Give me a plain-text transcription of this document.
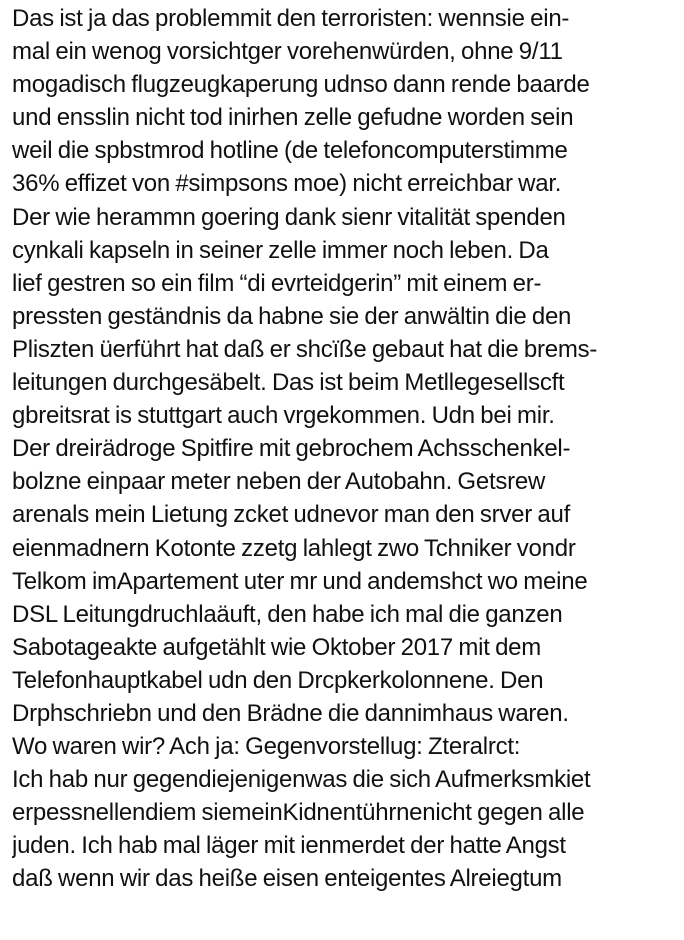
Das ist ja das problemmit den terroristen: wennsie ein-
mal ein wenog vorsichtger vorehenwürden, ohne 9/11
mogadisch flugzeugkaperung udnso dann rende baarde
und ensslin nicht tod inirhen zelle gefudne worden sein
weil die spbstmrod hotline (de telefoncomputerstimme
36% effizet von #simpsons moe) nicht erreichbar war.
Der wie herammn goering dank sienr vitalität spenden
cynkali kapseln in seiner zelle immer noch leben. Da
lief gestren so ein film “di evrteidgerin” mit einem er-
pressten geständnis da habne sie der anwältin die den
Pliszten üerführt hat daß er shcïße gebaut hat die brems-
leitungen durchgesäbelt. Das ist beim Metllegesellscft
gbreitsrat is stuttgart auch vrgekommen. Udn bei mir.
Der dreirädroge Spitfire mit gebrochem Achsschenkel-
bolzne einpaar meter neben der Autobahn. Getsrew
arenals mein Lietung zcket udnevor man den srver auf
eienmadnern Kotonte zzetg lahlegt zwo Tchniker vondr
Telkom imApartement uter mr und andemshct wo meine
DSL Leitungdruchlaäuft, den habe ich mal die ganzen
Sabotageakte aufgetählt wie Oktober 2017 mit dem
Telefonhauptkabel udn den Drcpkerkolonnene. Den
Drphschriebn und den Brädne die dannimhaus waren.
Wo waren wir? Ach ja: Gegenvorstellug: Zteralrct:
Ich hab nur gegendiejenigenwas die sich Aufmerksmkiet
erpessnellendiem siemeinKidnentührnenicht gegen alle
juden. Ich hab mal läger mit ienmerdet der hatte Angst
daß wenn wir das heiße eisen enteigentes Alreiegtum
